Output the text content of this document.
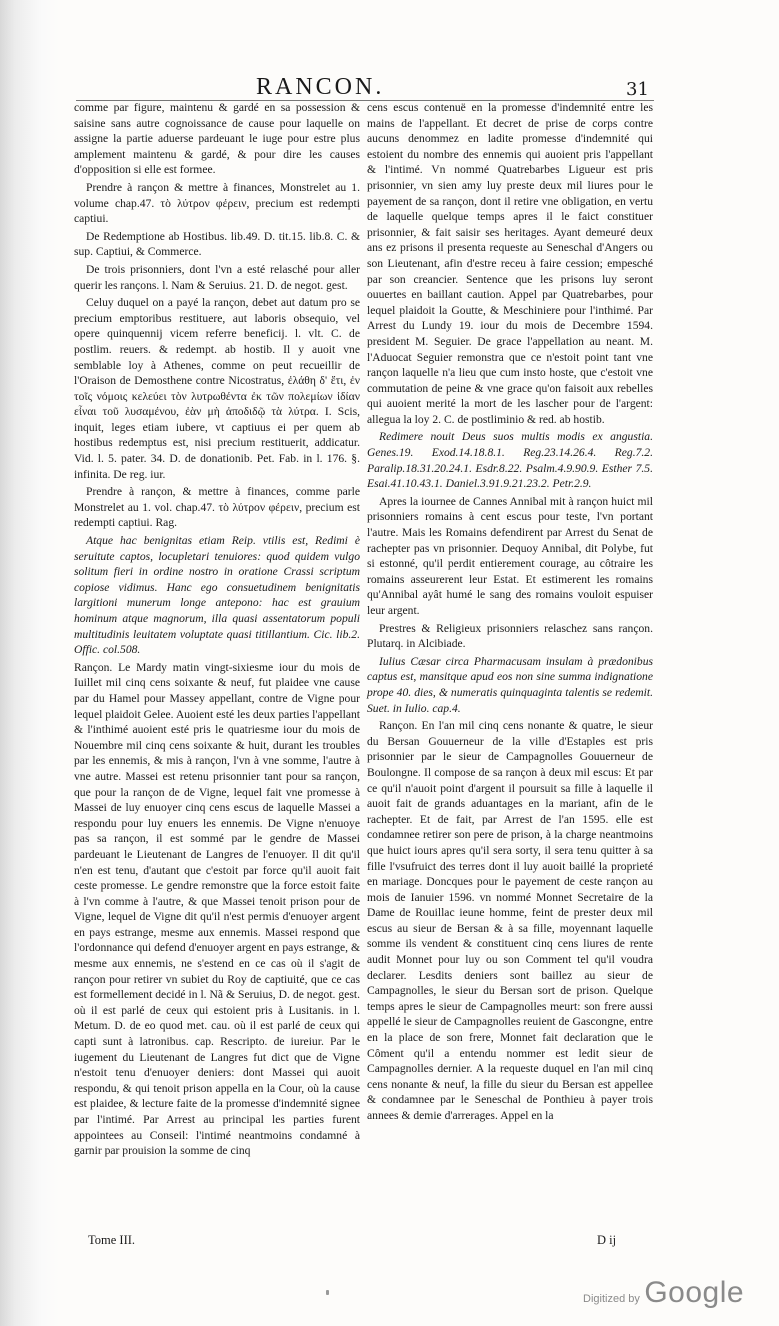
RANCON.	31

comme par figure, maintenu & gardé en sa possession & saisine sans autre cognoissance de cause pour laquelle on assigne la partie aduerse pardeuant le iuge pour estre plus amplement maintenu & gardé, & pour dire les causes d'opposition si elle est formee.

Prendre à rançon & mettre à finances, Monstrelet au 1. volume chap.47. τὸ λύτρον φέρειν, precium est redempti captiui.

De Redemptione ab Hostibus. lib.49. D. tit.15. lib.8. C. & sup. Captiui, & Commerce.

De trois prisonniers, dont l'vn a esté relasché pour aller querir les rançons. l. Nam & Seruius. 21. D. de negot. gest.

Celuy duquel on a payé la rançon, debet aut datum pro se precium emptoribus restituere, aut laboris obsequio, vel opere quinquennij vicem referre beneficij. l. vlt. C. de postlim. reuers. & redempt. ab hostib. Il y auoit vne semblable loy à Athenes, comme on peut recueillir de l'Oraison de Demosthene contre Nicostratus, ἐλάθη δ' ἔτι, ἐν τοῖς νόμοις κελεύει τὸν λυτρωθέντα ἐκ τῶν πολεμίων ἰδίαν εἶναι τοῦ λυσαμένου, ἐὰν μὴ ἀποδιδῷ τὰ λύτρα. I. Scis, inquit, leges etiam iubere, vt captiuus ei per quem ab hostibus redemptus est, nisi precium restituerit, addicatur. Vid. l. 5. pater. 34. D. de donationib. Pet. Fab. in l. 176. §. infinita. De reg. iur.

Prendre à rançon, & mettre à finances, comme parle Monstrelet au 1. vol. chap.47. τὸ λύτρον φέρειν, precium est redempti captiui. Rag.

Atque hac benignitas etiam Reip. vtilis est, Redimi è seruitute captos, locupletari tenuiores: quod quidem vulgo solitum fieri in ordine nostro in oratione Crassi scriptum copiose vidimus. Hanc ego consuetudinem benignitatis largitioni munerum longe antepono: hac est grauium hominum atque magnorum, illa quasi assentatorum populi multitudinis leuitatem voluptate quasi titillantium. Cic. lib.2. Offic. col.508.

Rançon. Le Mardy matin vingt-sixiesme iour du mois de Iuillet mil cinq cens soixante & neuf, fut plaidee vne cause par du Hamel pour Massey appellant, contre de Vigne pour lequel plaidoit Gelee. Auoient esté les deux parties l'appellant & l'inthimé auoient esté pris le quatriesme iour du mois de Nouembre mil cinq cens soixante & huit, durant les troubles par les ennemis, & mis à rançon, l'vn à vne somme, l'autre à vne autre. Massei est retenu prisonnier tant pour sa rançon, que pour la rançon de de Vigne, lequel fait vne promesse à Massei de luy enuoyer cinq cens escus de laquelle Massei a respondu pour luy enuers les ennemis. De Vigne n'enuoye pas sa rançon, il est sommé par le gendre de Massei pardeuant le Lieutenant de Langres de l'enuoyer. Il dit qu'il n'en est tenu, d'autant que c'estoit par force qu'il auoit fait ceste promesse. Le gendre remonstre que la force estoit faite à l'vn comme à l'autre, & que Massei tenoit prison pour de Vigne, lequel de Vigne dit qu'il n'est permis d'enuoyer argent en pays estrange, mesme aux ennemis. Massei respond que l'ordonnance qui defend d'enuoyer argent en pays estrange, & mesme aux ennemis, ne s'estend en ce cas où il s'agit de rançon pour retirer vn subiet du Roy de captiuité, que ce cas est formellement decidé in l. Nã & Seruius, D. de negot. gest. où il est parlé de ceux qui estoient pris à Lusitanis. in l. Metum. D. de eo quod met. cau. où il est parlé de ceux qui capti sunt à latronibus. cap. Rescripto. de iureiur. Par le iugement du Lieutenant de Langres fut dict que de Vigne n'estoit tenu d'enuoyer deniers: dont Massei qui auoit respondu, & qui tenoit prison appella en la Cour, où la cause est plaidee, & lecture faite de la promesse d'indemnité signee par l'intimé. Par Arrest au principal les parties furent appointees au Conseil: l'intimé neantmoins condamné à garnir par prouision la somme de cinq

cens escus contenuë en la promesse d'indemnité entre les mains de l'appellant. Et decret de prise de corps contre aucuns denommez en ladite promesse d'indemnité qui estoient du nombre des ennemis qui auoient pris l'appellant & l'intimé. Vn nommé Quatrebarbes Ligueur est pris prisonnier, vn sien amy luy preste deux mil liures pour le payement de sa rançon, dont il retire vne obligation, en vertu de laquelle quelque temps apres il le faict constituer prisonnier, & fait saisir ses heritages. Ayant demeuré deux ans ez prisons il presenta requeste au Seneschal d'Angers ou son Lieutenant, afin d'estre receu à faire cession; empesché par son creancier. Sentence que les prisons luy seront ouuertes en baillant caution. Appel par Quatrebarbes, pour lequel plaidoit la Goutte, & Meschiniere pour l'inthimé. Par Arrest du Lundy 19. iour du mois de Decembre 1594. president M. Seguier. De grace l'appellation au neant. M. l'Aduocat Seguier remonstra que ce n'estoit point tant vne rançon laquelle n'a lieu que cum insto hoste, que c'estoit vne commutation de peine & vne grace qu'on faisoit aux rebelles qui auoient merité la mort de les lascher pour de l'argent: allegua la loy 2. C. de postliminio & red. ab hostib.

Redimere nouit Deus suos multis modis ex angustia. Genes.19. Exod.14.18.8.1. Reg.23.14.26.4. Reg.7.2. Paralip.18.31.20.24.1. Esdr.8.22. Psalm.4.9.90.9. Esther 7.5. Esai.41.10.43.1. Daniel.3.91.9.21.23.2. Petr.2.9.

Apres la iournee de Cannes Annibal mit à rançon huict mil prisonniers romains à cent escus pour teste, l'vn portant l'autre. Mais les Romains defendirent par Arrest du Senat de rachepter pas vn prisonnier. Dequoy Annibal, dit Polybe, fut si estonné, qu'il perdit entierement courage, au côtraire les romains asseurerent leur Estat. Et estimerent les romains qu'Annibal ayât humé le sang des romains vouloit espuiser leur argent.

Prestres & Religieux prisonniers relaschez sans rançon. Plutarq. in Alcibiade.

Iulius Cæsar circa Pharmacusam insulam à prædonibus captus est, mansitque apud eos non sine summa indignatione prope 40. dies, & numeratis quinquaginta talentis se redemit. Suet. in Iulio. cap.4.

Rançon. En l'an mil cinq cens nonante & quatre, le sieur du Bersan Gouuerneur de la ville d'Estaples est pris prisonnier par le sieur de Campagnolles Gouuerneur de Boulongne. Il compose de sa rançon à deux mil escus: Et par ce qu'il n'auoit point d'argent il poursuit sa fille à laquelle il auoit fait de grands aduantages en la mariant, afin de le rachepter. Et de fait, par Arrest de l'an 1595. elle est condamnee retirer son pere de prison, à la charge neantmoins que huict iours apres qu'il sera sorty, il sera tenu quitter à sa fille l'vsufruict des terres dont il luy auoit baillé la proprieté en mariage. Doncques pour le payement de ceste rançon au mois de Ianuier 1596. vn nommé Monnet Secretaire de la Dame de Rouillac ieune homme, feint de prester deux mil escus au sieur de Bersan & à sa fille, moyennant laquelle somme ils vendent & constituent cinq cens liures de rente audit Monnet pour luy ou son Comment tel qu'il voudra declarer. Lesdits deniers sont baillez au sieur de Campagnolles, le sieur du Bersan sort de prison. Quelque temps apres le sieur de Campagnolles meurt: son frere aussi appellé le sieur de Campagnolles reuient de Gascongne, entre en la place de son frere, Monnet fait declaration que le Côment qu'il a entendu nommer est ledit sieur de Campagnolles dernier. A la requeste duquel en l'an mil cinq cens nonante & neuf, la fille du sieur du Bersan est appellee & condamnee par le Seneschal de Ponthieu à payer trois annees & demie d'arrerages. Appel en la

Tome III.	D ij
Digitized by Google
